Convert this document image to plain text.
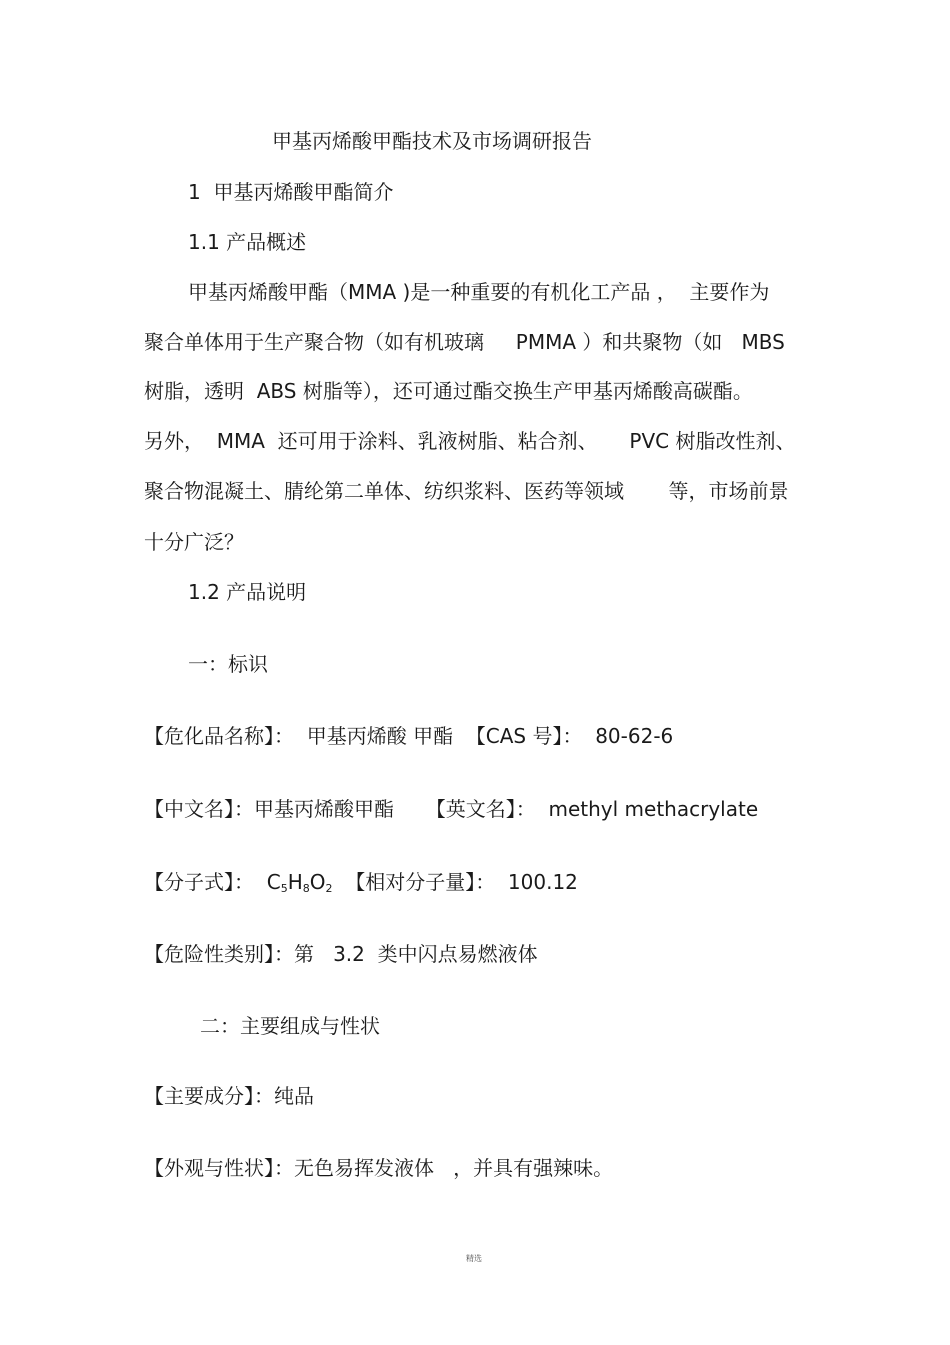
甲基丙烯酸甲酯技术及市场调研报告
1  甲基丙烯酸甲酯简介
1.1 产品概述
甲基丙烯酸甲酯（MMA )是一种重要的有机化工产品 ，  主要作为
聚合单体用于生产聚合物（如有机玻璃     PMMA ）和共聚物（如   MBS
树脂，透明  ABS 树脂等），还可通过酯交换生产甲基丙烯酸高碳酯。
另外，  MMA  还可用于涂料、乳液树脂、粘合剂、     PVC 树脂改性剂、
聚合物混凝土、腈纶第二单体、纺织浆料、医药等领域       等，市场前景
十分广泛？
1.2 产品说明
一：标识
【危化品名称】：  甲基丙烯酸 甲酯  【CAS 号】：  80-62-6
【中文名】：甲基丙烯酸甲酯     【英文名】：  methyl methacrylate
【分子式】：  $C_5H_8O_2$  【相对分子量】：  100.12
【危险性类别】：第   3.2  类中闪点易燃液体
二：主要组成与性状
【主要成分】：纯品
【外观与性状】：无色易挥发液体   ，并具有强辣味。
精选
